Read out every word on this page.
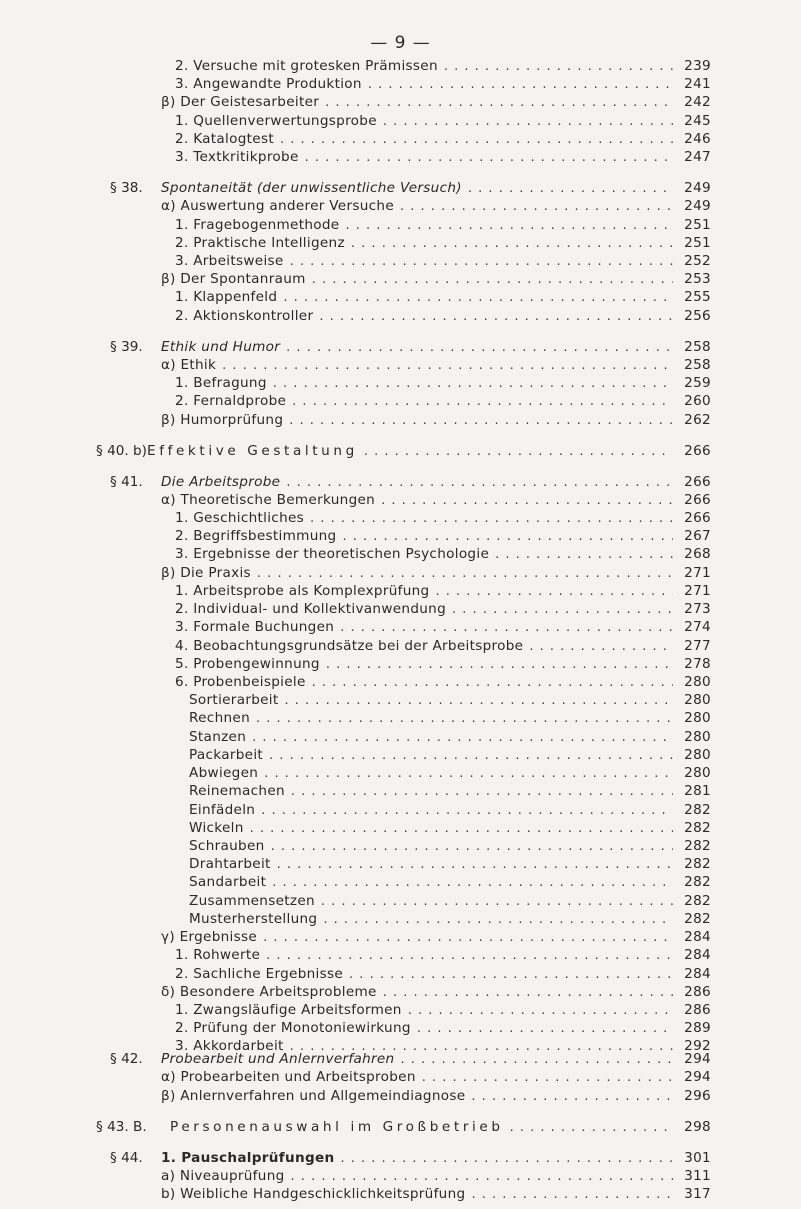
— 9 —
2. Versuche mit grotesken Prämissen . . .	239
3. Angewandte Produktion . . .	241
β) Der Geistesarbeiter . . .	242
1. Quellenverwertungsprobe . . .	245
2. Katalogtest . . .	246
3. Textkritikprobe . . .	247
§ 38. Spontaneität (der unwissentliche Versuch) . . .	249
α) Auswertung anderer Versuche . . .	249
1. Fragebogenmethode . . .	251
2. Praktische Intelligenz . . .	251
3. Arbeitsweise . . .	252
β) Der Spontanraum . . .	253
1. Klappenfeld . . .	255
2. Aktionskontroller . . .	256
§ 39. Ethik und Humor . . .	258
α) Ethik . . .	258
1. Befragung . . .	259
2. Fernaldprobe . . .	260
β) Humorprüfung . . .	262
§ 40. b) Effektive Gestaltung . . .	266
§ 41. Die Arbeitsprobe . . .	266
α) Theoretische Bemerkungen . . .	266
1. Geschichtliches . . .	266
2. Begriffsbestimmung . . .	267
3. Ergebnisse der theoretischen Psychologie . . .	268
β) Die Praxis . . .	271
1. Arbeitsprobe als Komplexprüfung . . .	271
2. Individual- und Kollektivanwendung . . .	273
3. Formale Buchungen . . .	274
4. Beobachtungsgrundsätze bei der Arbeitsprobe . . .	277
5. Probengewinnung . . .	278
6. Probenbeispiele . . .	280
Sortierarbeit . . .	280
Rechnen . . .	280
Stanzen . . .	280
Packarbeit . . .	280
Abwiegen . . .	280
Reinemachen . . .	281
Einfädeln . . .	282
Wickeln . . .	282
Schrauben . . .	282
Drahtarbeit . . .	282
Sandarbeit . . .	282
Zusammensetzen . . .	282
Musterherstellung . . .	282
γ) Ergebnisse . . .	284
1. Rohwerte . . .	284
2. Sachliche Ergebnisse . . .	284
δ) Besondere Arbeitsprobleme . . .	286
1. Zwangsläufige Arbeitsformen . . .	286
2. Prüfung der Monotoniewirkung . . .	289
3. Akkordarbeit . . .	292
§ 42. Probearbeit und Anlernverfahren . . .	294
α) Probearbeiten und Arbeitsproben . . .	294
β) Anlernverfahren und Allgemeindiagnose . . .	296
§ 43. B. Personenauswahl im Großbetrieb . . .	298
§ 44. 1. Pauschalprüfungen . . .	301
a) Niveauprüfung . . .	311
b) Weibliche Handgeschicklichkeitsprüfung . . .	317
